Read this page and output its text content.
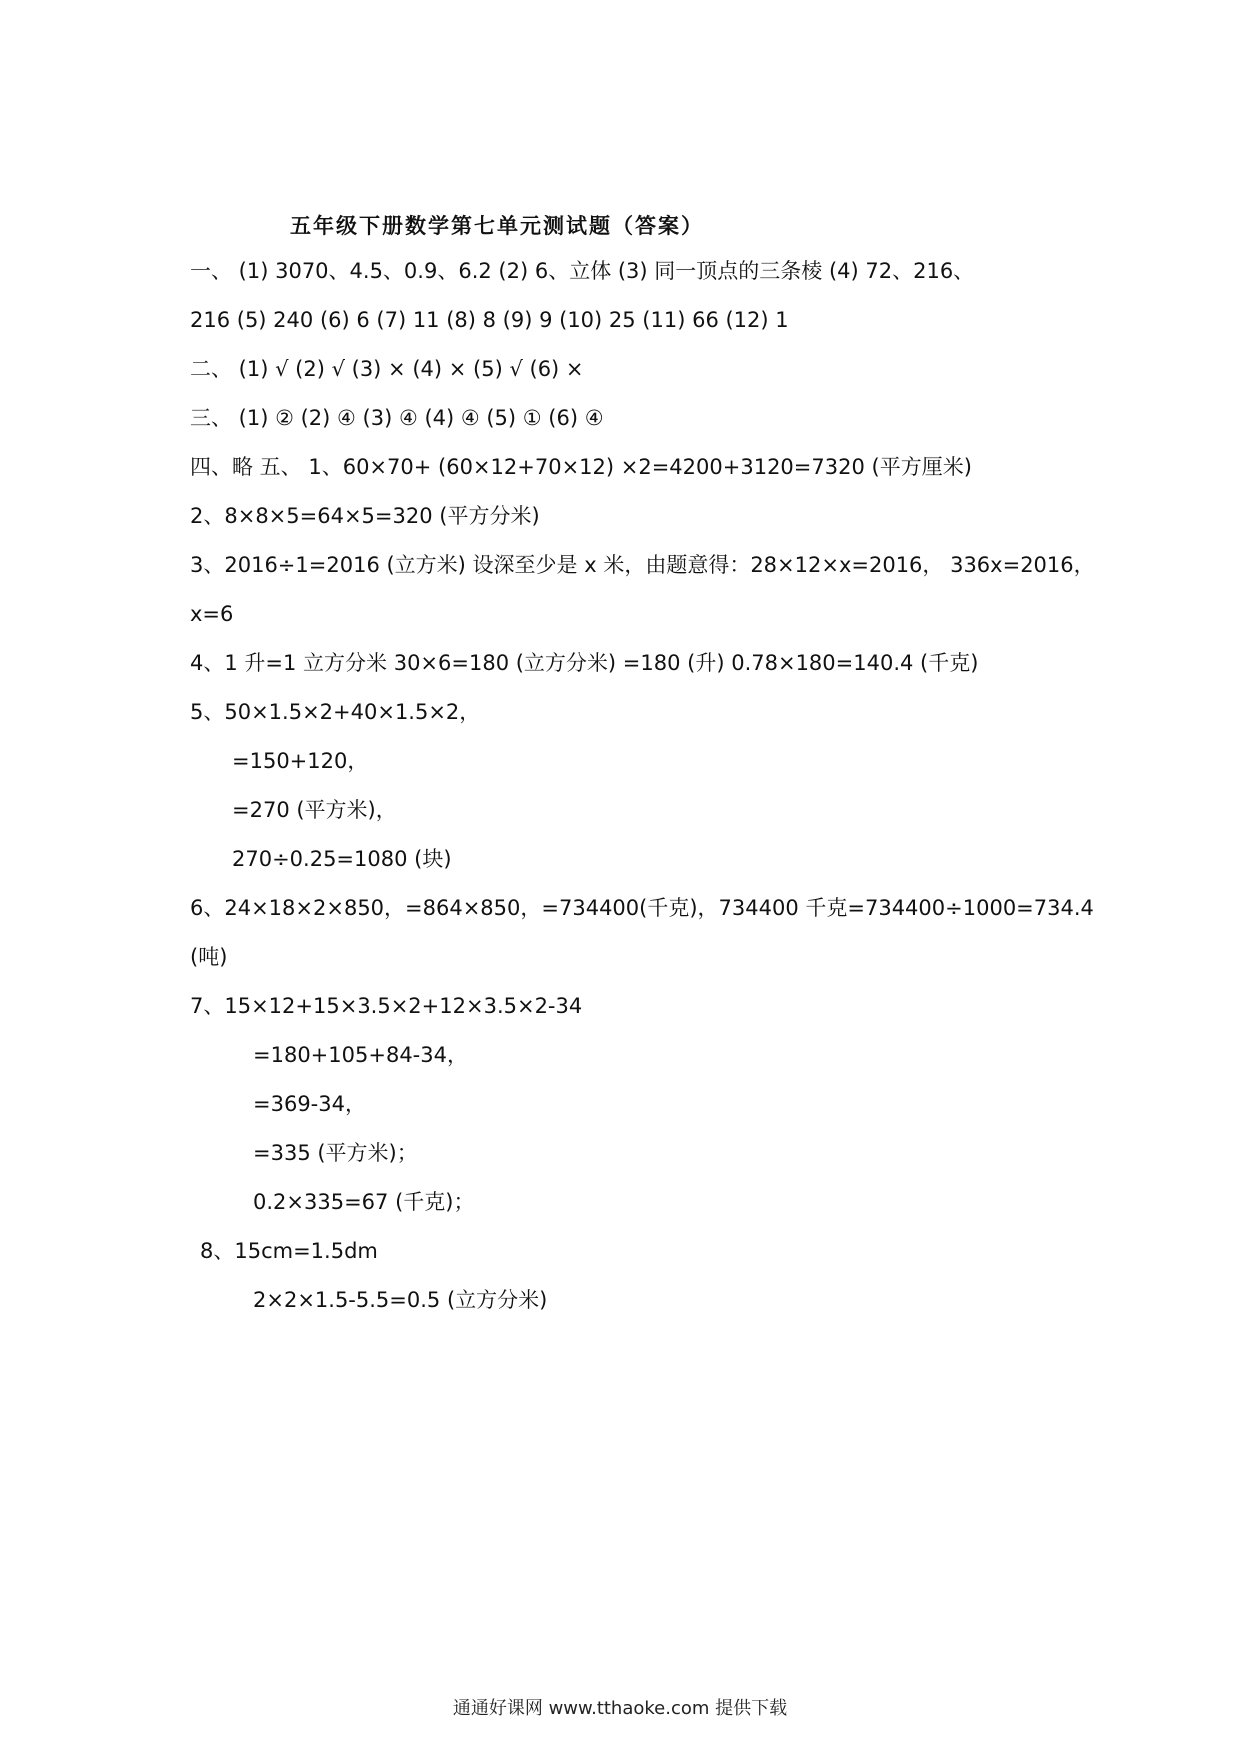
五年级下册数学第七单元测试题（答案）
一、 (1) 3070、4.5、0.9、6.2 (2) 6、立体 (3) 同一顶点的三条棱 (4) 72、216、
216 (5) 240 (6) 6 (7) 11 (8) 8 (9) 9 (10) 25 (11) 66 (12) 1
二、 (1) √ (2) √ (3) × (4) × (5) √ (6) ×
三、 (1) ② (2) ④ (3) ④ (4) ④ (5) ① (6) ④
四、略 五、 1、60×70+ (60×12+70×12) ×2=4200+3120=7320 (平方厘米)
2、8×8×5=64×5=320 (平方分米)
3、2016÷1=2016 (立方米) 设深至少是 x 米，由题意得：28×12×x=2016， 336x=2016，
x=6
4、1 升=1 立方分米 30×6=180 (立方分米) =180 (升) 0.78×180=140.4 (千克)
5、50×1.5×2+40×1.5×2，
=150+120，
=270 (平方米)，
270÷0.25=1080 (块)
6、24×18×2×850，=864×850，=734400(千克)，734400 千克=734400÷1000=734.4
(吨)
7、15×12+15×3.5×2+12×3.5×2-34
=180+105+84-34，
=369-34，
=335 (平方米)；
0.2×335=67 (千克)；
8、15cm=1.5dm
2×2×1.5-5.5=0.5 (立方分米)
通通好课网 www.tthaoke.com 提供下载
